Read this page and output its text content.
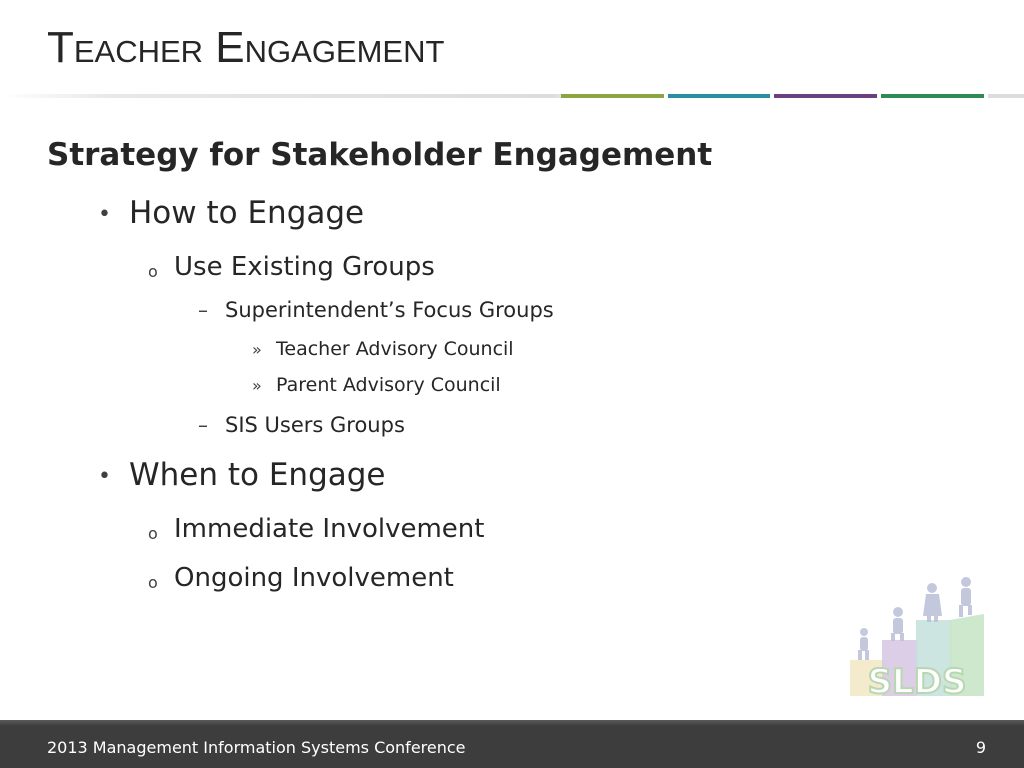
Teacher Engagement
Strategy for Stakeholder Engagement
• How to Engage
o Use Existing Groups
– Superintendent’s Focus Groups
» Teacher Advisory Council
» Parent Advisory Council
– SIS Users Groups
• When to Engage
o Immediate Involvement
o Ongoing Involvement
SLDS
2013 Management Information Systems Conference	9
